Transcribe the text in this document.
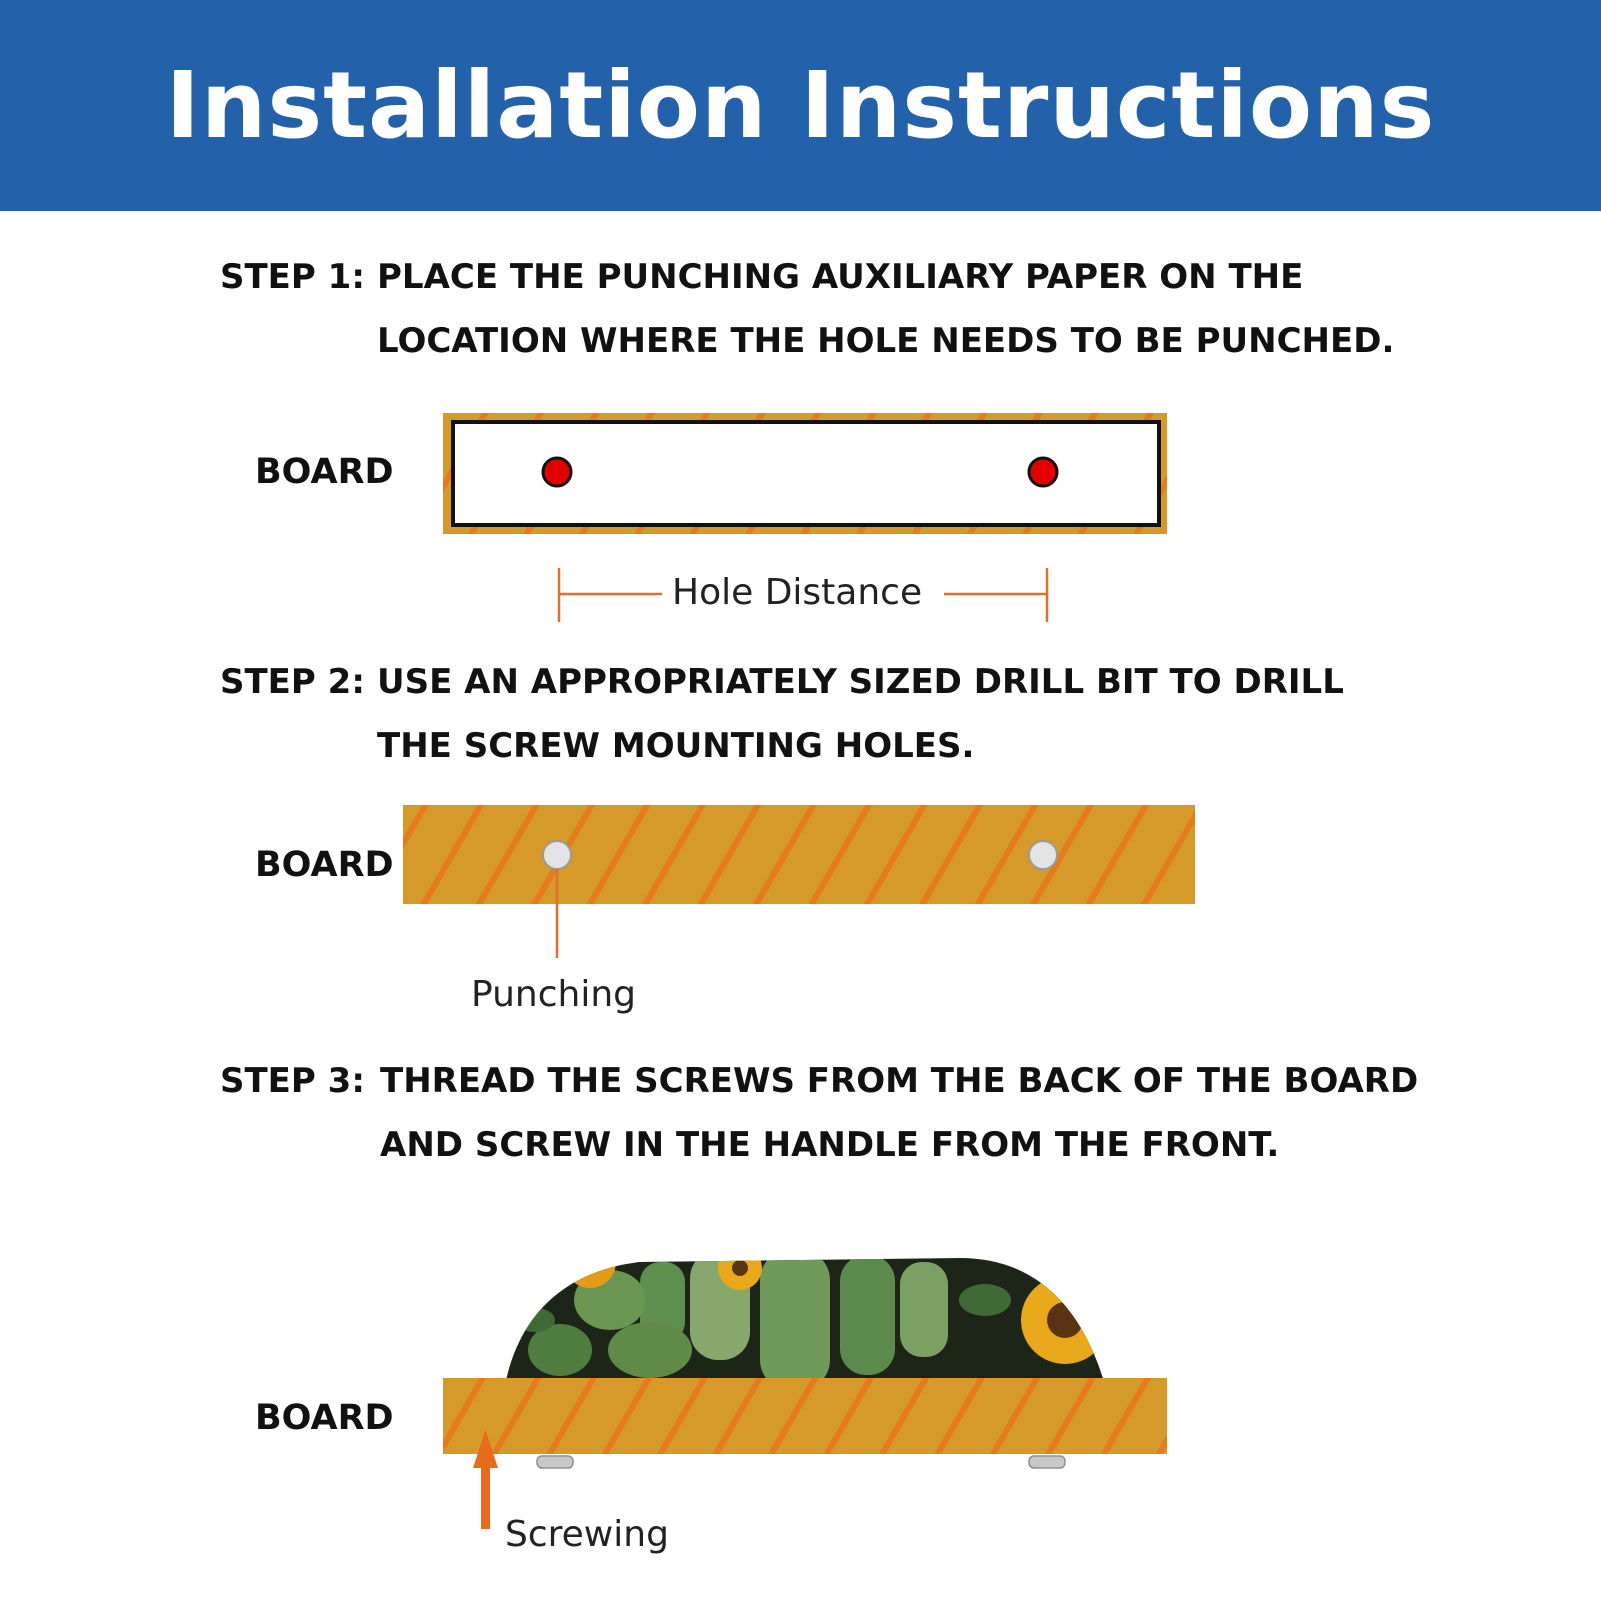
Installation Instructions
STEP 1: PLACE THE PUNCHING AUXILIARY PAPER ON THE
LOCATION WHERE THE HOLE NEEDS TO BE PUNCHED.
STEP 2: USE AN APPROPRIATELY SIZED DRILL BIT TO DRILL
THE SCREW MOUNTING HOLES.
STEP 3: THREAD THE SCREWS FROM THE BACK OF THE BOARD
AND SCREW IN THE HANDLE FROM THE FRONT.
BOARD
BOARD
BOARD
Hole Distance
Punching
Screwing
